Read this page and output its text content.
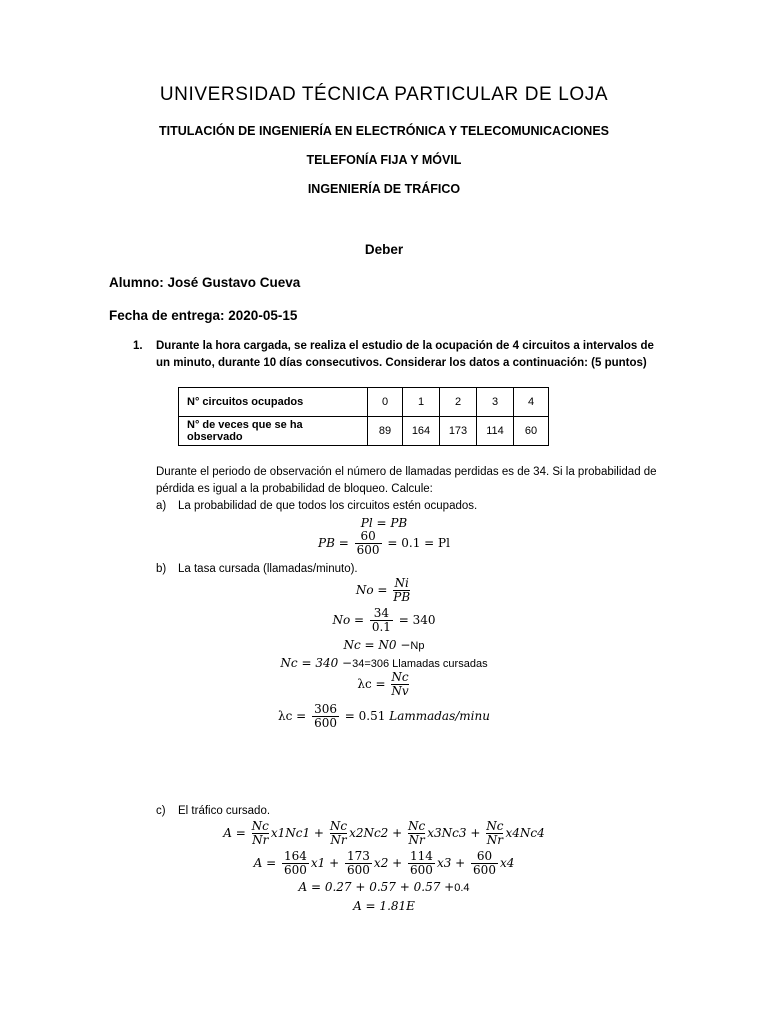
UNIVERSIDAD TÉCNICA PARTICULAR DE LOJA
TITULACIÓN DE INGENIERÍA EN ELECTRÓNICA Y TELECOMUNICACIONES
TELEFONÍA FIJA Y MÓVIL
INGENIERÍA DE TRÁFICO
Deber
Alumno: José Gustavo Cueva
Fecha de entrega: 2020-05-15
1. Durante la hora cargada, se realiza el estudio de la ocupación de 4 circuitos a intervalos de un minuto, durante 10 días consecutivos. Considerar los datos a continuación: (5 puntos)
N° circuitos ocupados	0	1	2	3	4
N° de veces que se ha observado	89	164	173	114	60
Durante el periodo de observación el número de llamadas perdidas es de 34. Si la probabilidad de pérdida es igual a la probabilidad de bloqueo. Calcule:
a) La probabilidad de que todos los circuitos estén ocupados.
Pl = PB
PB = $\frac{60}{600} = 0.1 = Pl$
b) La tasa cursada (llamadas/minuto).
$No = \frac{Ni}{PB}$
$No = \frac{34}{0.1} = 340$
Nc = N0 −Np
Nc = 340 −34=306 Llamadas cursadas
$\lambda c = \frac{Nc}{Nv}$
$\lambda c = \frac{306}{600} = 0.51$ Lammadas/minu
c) El tráfico cursado.
$A = \frac{Nc}{Nr} x1Nc1 + \frac{Nc}{Nr} x2Nc2 + \frac{Nc}{Nr} x3Nc3 + \frac{Nc}{Nr} x4Nc4$
$A = \frac{164}{600} x1 + \frac{173}{600} x2 + \frac{114}{600} x3 + \frac{60}{600} x4$
A = 0.27 + 0.57 + 0.57 +0.4
A = 1.81E
